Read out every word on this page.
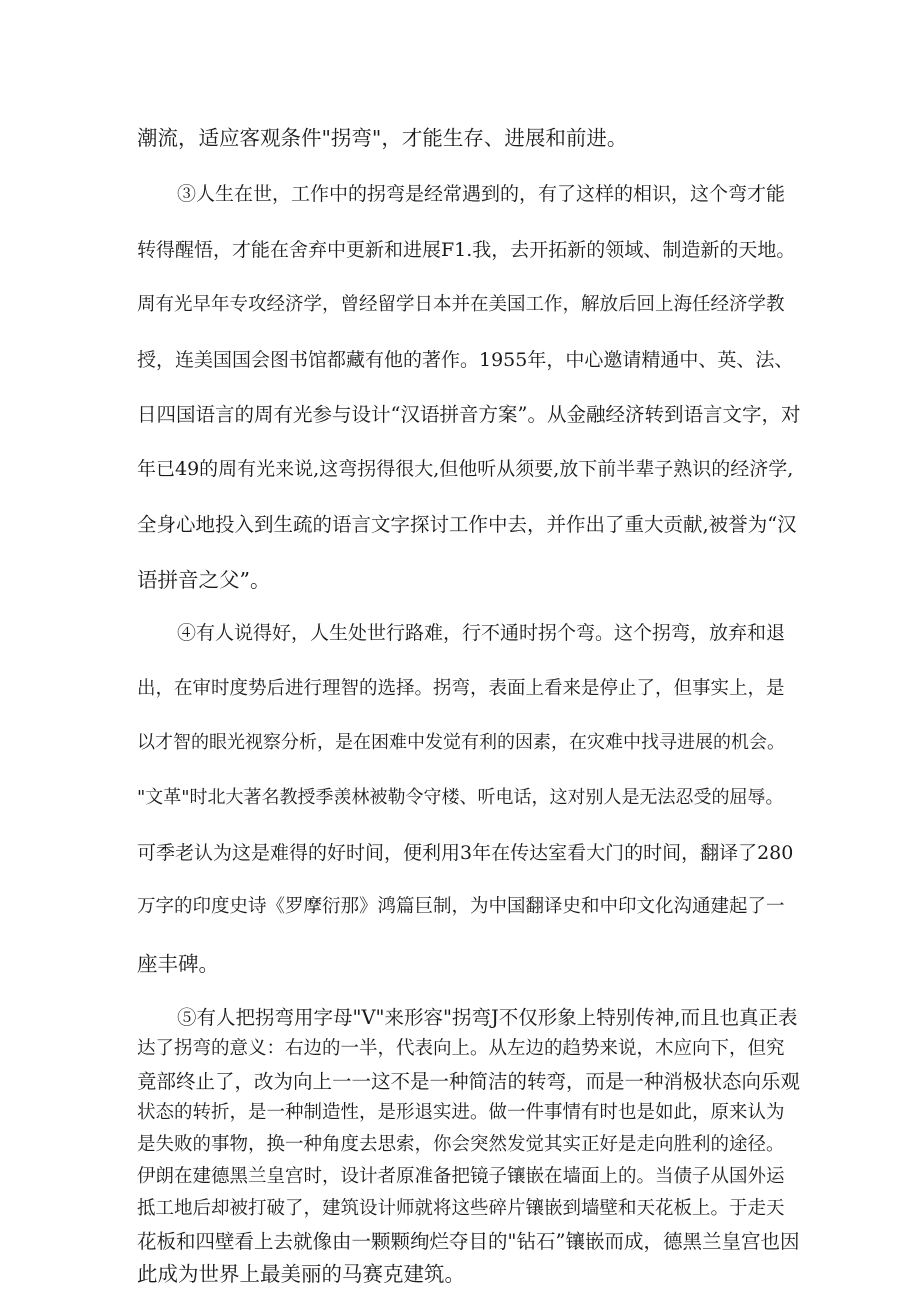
潮流，适应客观条件"拐弯"，才能生存、进展和前进。
③人生在世，工作中的拐弯是经常遇到的，有了这样的相识，这个弯才能
转得醒悟，才能在舍弃中更新和进展F1.我，去开拓新的领域、制造新的天地。
周有光早年专攻经济学，曾经留学日本并在美国工作，解放后回上海任经济学教
授，连美国国会图书馆都藏有他的著作。1955年，中心邀请精通中、英、法、
日四国语言的周有光参与设计“汉语拼音方案”。从金融经济转到语言文字，对
年已49的周有光来说,这弯拐得很大,但他听从须要,放下前半辈子熟识的经济学,
全身心地投入到生疏的语言文字探讨工作中去，并作出了重大贡献,被誉为“汉
语拼音之父”。
④有人说得好，人生处世行路难，行不通时拐个弯。这个拐弯，放弃和退
出，在审时度势后进行理智的选择。拐弯，表面上看来是停止了，但事实上，是
以才智的眼光视察分析，是在困难中发觉有利的因素，在灾难中找寻进展的机会。
"文革"时北大著名教授季羡林被勒令守楼、听电话，这对别人是无法忍受的屈辱。
可季老认为这是难得的好时间，便利用3年在传达室看大门的时间，翻译了280
万字的印度史诗《罗摩衍那》鸿篇巨制，为中国翻译史和中印文化沟通建起了一
座丰碑。
⑤有人把拐弯用字母"V"来形容"拐弯J不仅形象上特别传神,而且也真正表
达了拐弯的意义：右边的一半，代表向上。从左边的趋势来说，木应向下，但究
竟部终止了，改为向上一一这不是一种简洁的转弯，而是一种消极状态向乐观
状态的转折，是一种制造性，是形退实进。做一件事情有时也是如此，原来认为
是失败的事物，换一种角度去思索，你会突然发觉其实正好是走向胜利的途径。
伊朗在建德黑兰皇宫时，设计者原准备把镜子镶嵌在墙面上的。当债子从国外运
抵工地后却被打破了，建筑设计师就将这些碎片镶嵌到墙壁和天花板上。于走天
花板和四壁看上去就像由一颗颗绚烂夺目的"钻石”镶嵌而成，德黑兰皇宫也因
此成为世界上最美丽的马赛克建筑。
